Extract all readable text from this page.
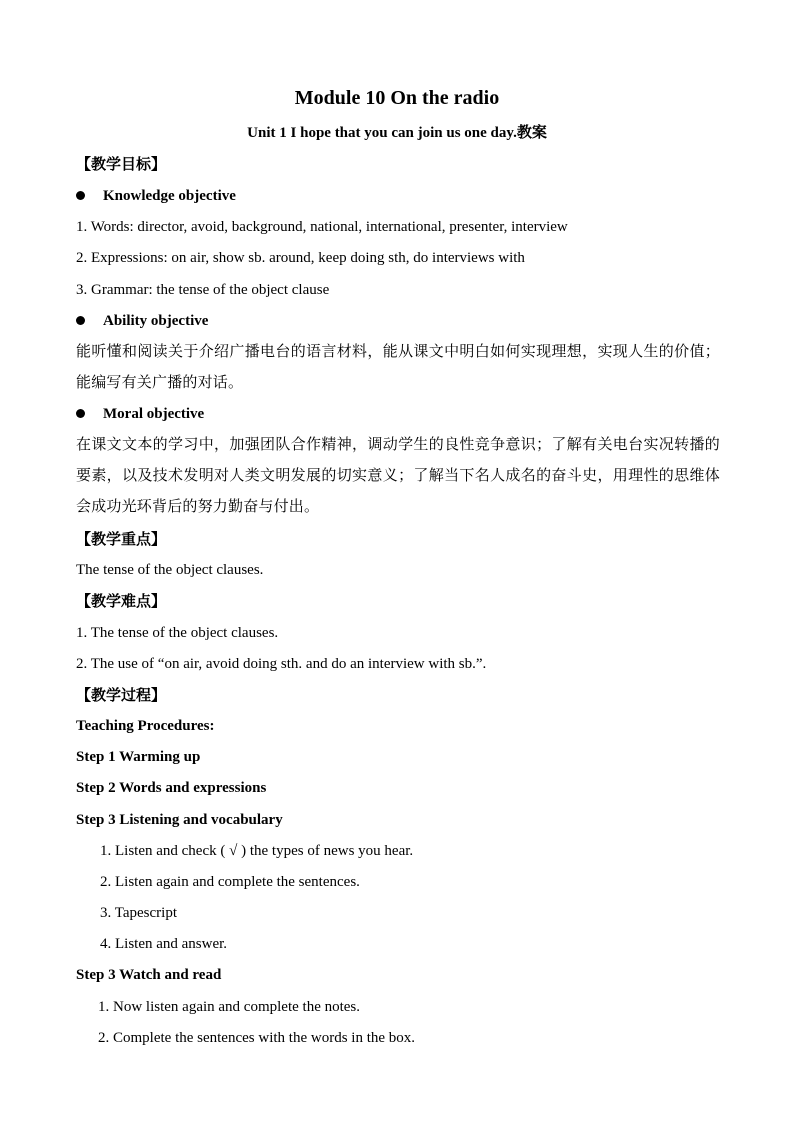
Module 10 On the radio
Unit 1 I hope that you can join us one day.教案
【教学目标】
Knowledge objective
1. Words: director, avoid, background, national, international, presenter, interview
2. Expressions: on air, show sb. around, keep doing sth, do interviews with
3. Grammar: the tense of the object clause
Ability objective
能听懂和阅读关于介绍广播电台的语言材料，能从课文中明白如何实现理想，实现人生的价值；能编写有关广播的对话。
Moral objective
在课文文本的学习中，加强团队合作精神，调动学生的良性竞争意识；了解有关电台实况转播的要素，以及技术发明对人类文明发展的切实意义；了解当下名人成名的奋斗史，用理性的思维体会成功光环背后的努力勤奋与付出。
【教学重点】
The tense of the object clauses.
【教学难点】
1. The tense of the object clauses.
2. The use of “on air, avoid doing sth. and do an interview with sb.”.
【教学过程】
Teaching Procedures:
Step 1 Warming up
Step 2 Words and expressions
Step 3 Listening and vocabulary
1. Listen and check ( √ ) the types of news you hear.
2. Listen again and complete the sentences.
3. Tapescript
4. Listen and answer.
Step 3 Watch and read
1. Now listen again and complete the notes.
2. Complete the sentences with the words in the box.
